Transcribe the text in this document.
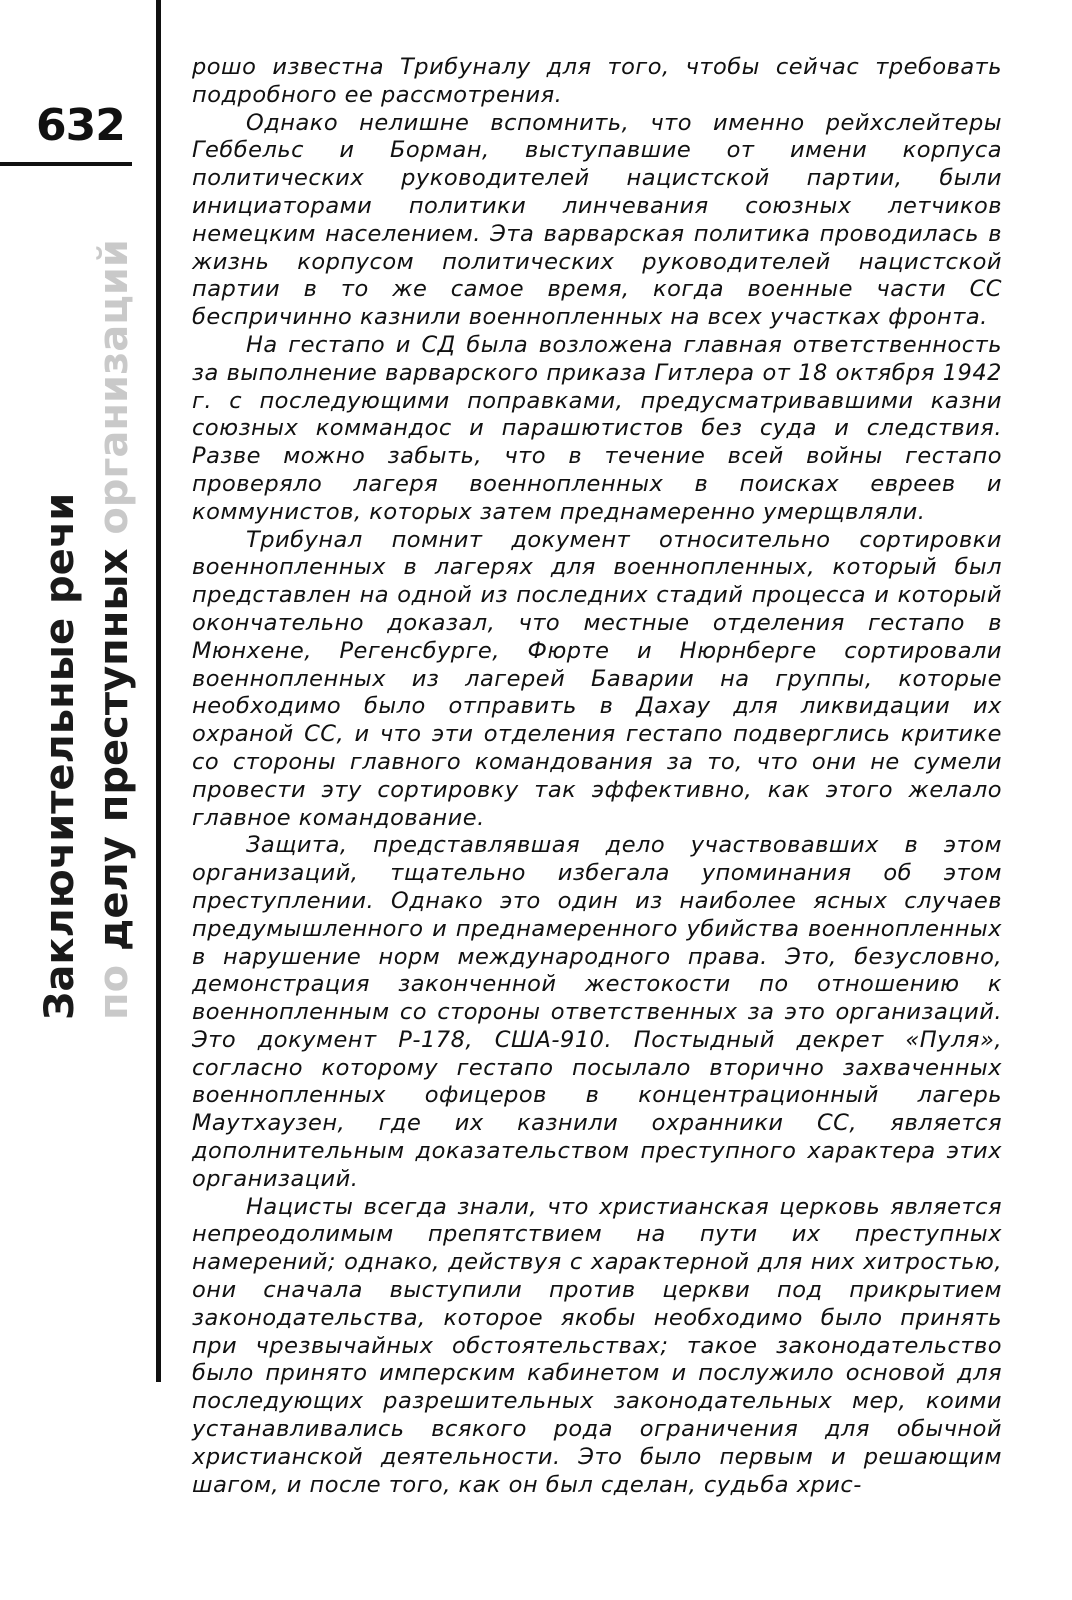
632
Заключительные речи по делу преступных организаций

рошо известна Трибуналу для того, чтобы сейчас требовать подробного ее рассмотрения.

Однако нелишне вспомнить, что именно рейхслейтеры Геббельс и Борман, выступавшие от имени корпуса политических руководителей нацистской партии, были инициаторами политики линчевания союзных летчиков немецким населением. Эта варварская политика проводилась в жизнь корпусом политических руководителей нацистской партии в то же самое время, когда военные части СС беспричинно казнили военнопленных на всех участках фронта.

На гестапо и СД была возложена главная ответственность за выполнение варварского приказа Гитлера от 18 октября 1942 г. с последующими поправками, предусматривавшими казни союзных коммандос и парашютистов без суда и следствия. Разве можно забыть, что в течение всей войны гестапо проверяло лагеря военнопленных в поисках евреев и коммунистов, которых затем преднамеренно умерщвляли.

Трибунал помнит документ относительно сортировки военнопленных в лагерях для военнопленных, который был представлен на одной из последних стадий процесса и который окончательно доказал, что местные отделения гестапо в Мюнхене, Регенсбурге, Фюрте и Нюрнберге сортировали военнопленных из лагерей Баварии на группы, которые необходимо было отправить в Дахау для ликвидации их охраной СС, и что эти отделения гестапо подверглись критике со стороны главного командования за то, что они не сумели провести эту сортировку так эффективно, как этого желало главное командование.

Защита, представлявшая дело участвовавших в этом организаций, тщательно избегала упоминания об этом преступлении. Однако это один из наиболее ясных случаев предумышленного и преднамеренного убийства военнопленных в нарушение норм международного права. Это, безусловно, демонстрация законченной жестокости по отношению к военнопленным со стороны ответственных за это организаций. Это документ Р-178, США-910. Постыдный декрет «Пуля», согласно которому гестапо посылало вторично захваченных военнопленных офицеров в концентрационный лагерь Маутхаузен, где их казнили охранники СС, является дополнительным доказательством преступного характера этих организаций.

Нацисты всегда знали, что христианская церковь является непреодолимым препятствием на пути их преступных намерений; однако, действуя с характерной для них хитростью, они сначала выступили против церкви под прикрытием законодательства, которое якобы необходимо было принять при чрезвычайных обстоятельствах; такое законодательство было принято имперским кабинетом и послужило основой для последующих разрешительных законодательных мер, коими устанавливались всякого рода ограничения для обычной христианской деятельности. Это было первым и решающим шагом, и после того, как он был сделан, судьба хрис-
